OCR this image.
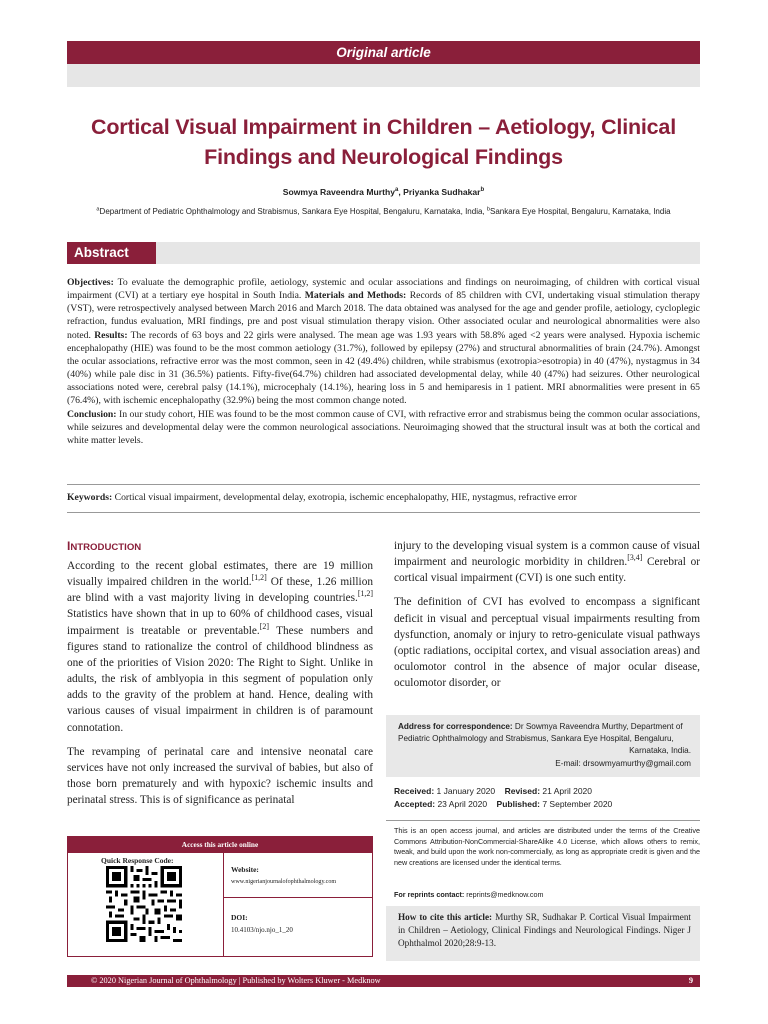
Original article
Cortical Visual Impairment in Children – Aetiology, Clinical
Findings and Neurological Findings
Sowmya Raveendra Murthy$^a$, Priyanka Sudhakar$^b$
$^a$Department of Pediatric Ophthalmology and Strabismus, Sankara Eye Hospital, Bengaluru, Karnataka, India, $^b$Sankara Eye Hospital, Bengaluru, Karnataka, India
Abstract
Objectives: To evaluate the demographic profile, aetiology, systemic and ocular associations and findings on neuroimaging, of children with cortical visual impairment (CVI) at a tertiary eye hospital in South India. Materials and Methods: Records of 85 children with CVI, undertaking visual stimulation therapy (VST), were retrospectively analysed between March 2016 and March 2018. The data obtained was analysed for the age and gender profile, aetiology, cycloplegic refraction, fundus evaluation, MRI findings, pre and post visual stimulation therapy vision. Other associated ocular and neurological abnormalities were also noted. Results: The records of 63 boys and 22 girls were analysed. The mean age was 1.93 years with 58.8% aged <2 years were analysed. Hypoxia ischemic encephalopathy (HIE) was found to be the most common aetiology (31.7%), followed by epilepsy (27%) and structural abnormalities of brain (24.7%). Amongst the ocular associations, refractive error was the most common, seen in 42 (49.4%) children, while strabismus (exotropia>esotropia) in 40 (47%), nystagmus in 34 (40%) while pale disc in 31 (36.5%) patients. Fifty-five(64.7%) children had associated developmental delay, while 40 (47%) had seizures. Other neurological associations noted were, cerebral palsy (14.1%), microcephaly (14.1%), hearing loss in 5 and hemiparesis in 1 patient. MRI abnormalities were present in 65 (76.4%), with ischemic encephalopathy (32.9%) being the most common change noted.
Conclusion: In our study cohort, HIE was found to be the most common cause of CVI, with refractive error and strabismus being the common ocular associations, while seizures and developmental delay were the common neurological associations. Neuroimaging showed that the structural insult was at both the cortical and white matter levels.
Keywords: Cortical visual impairment, developmental delay, exotropia, ischemic encephalopathy, HIE, nystagmus, refractive error
INTRODUCTION

According to the recent global estimates, there are 19 million visually impaired children in the world.[1,2] Of these, 1.26 million are blind with a vast majority living in developing countries.[1,2] Statistics have shown that in up to 60% of childhood cases, visual impairment is treatable or preventable.[2] These numbers and figures stand to rationalize the control of childhood blindness as one of the priorities of Vision 2020: The Right to Sight. Unlike in adults, the risk of amblyopia in this segment of population only adds to the gravity of the problem at hand. Hence, dealing with various causes of visual impairment in children is of paramount connotation.

The revamping of perinatal care and intensive neonatal care services have not only increased the survival of babies, but also of those born prematurely and with hypoxic? ischemic insults and perinatal stress. This is of significance as perinatal

injury to the developing visual system is a common cause of visual impairment and neurologic morbidity in children.[3,4] Cerebral or cortical visual impairment (CVI) is one such entity.

The definition of CVI has evolved to encompass a significant deficit in visual and perceptual visual impairments resulting from dysfunction, anomaly or injury to retro-geniculate visual pathways (optic radiations, occipital cortex, and visual association areas) and oculomotor control in the absence of major ocular disease, oculomotor disorder, or

Address for correspondence: Dr Sowmya Raveendra Murthy, Department of Pediatric Ophthalmology and Strabismus, Sankara Eye Hospital, Bengaluru,
Karnataka, India.
E-mail: drsowmyamurthy@gmail.com
Received: 1 January 2020 Revised: 21 April 2020
Accepted: 23 April 2020 Published: 7 September 2020
This is an open access journal, and articles are distributed under the terms of the Creative Commons Attribution-NonCommercial-ShareAlike 4.0 License, which allows others to remix, tweak, and build upon the work non-commercially, as long as appropriate credit is given and the new creations are licensed under the identical terms.
For reprints contact: reprints@medknow.com
How to cite this article: Murthy SR, Sudhakar P. Cortical Visual Impairment in Children – Aetiology, Clinical Findings and Neurological Findings. Niger J Ophthalmol 2020;28:9-13.
Access this article online
Quick Response Code:
Website:
www.nigerianjournalofophthalmology.com
DOI:
10.4103/njo.njo_1_20
© 2020 Nigerian Journal of Ophthalmology | Published by Wolters Kluwer - Medknow	9
